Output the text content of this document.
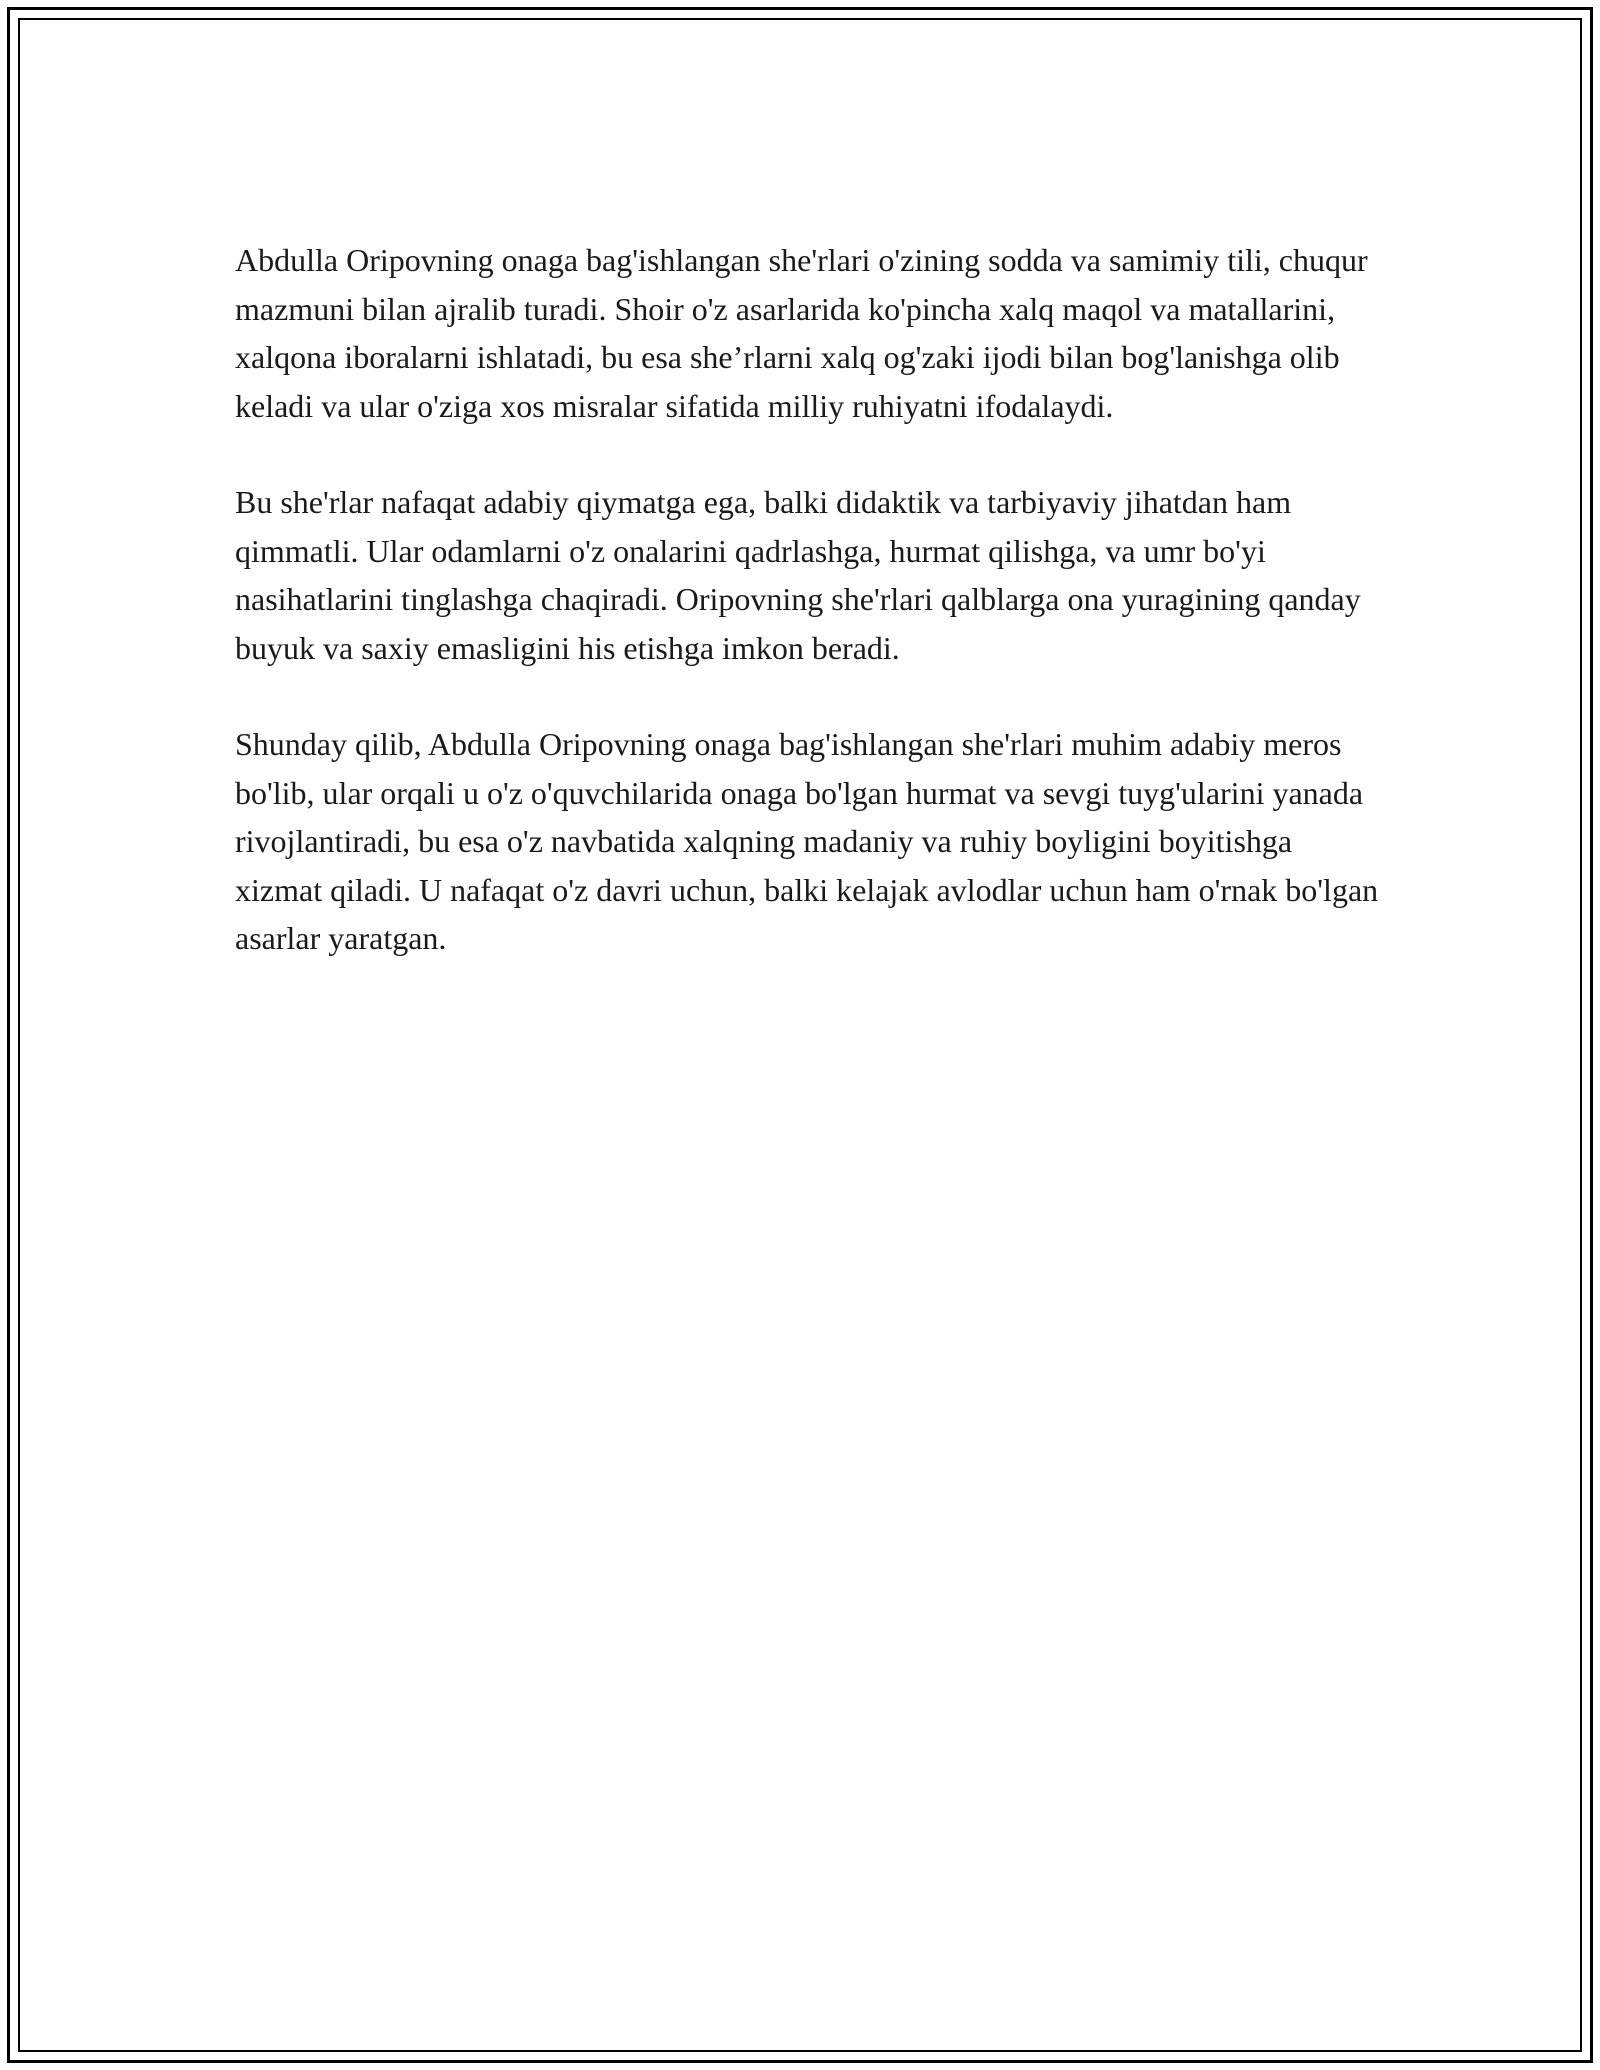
Abdulla Oripovning onaga bag'ishlangan she'rlari o'zining sodda va samimiy tili, chuqur mazmuni bilan ajralib turadi. Shoir o'z asarlarida ko'pincha xalq maqol va matallarini, xalqona iboralarni ishlatadi, bu esa she’rlarni xalq og'zaki ijodi bilan bog'lanishga olib keladi va ular o'ziga xos misralar sifatida milliy ruhiyatni ifodalaydi.

Bu she'rlar nafaqat adabiy qiymatga ega, balki didaktik va tarbiyaviy jihatdan ham qimmatli. Ular odamlarni o'z onalarini qadrlashga, hurmat qilishga, va umr bo'yi nasihatlarini tinglashga chaqiradi. Oripovning she'rlari qalblarga ona yuragining qanday buyuk va saxiy emasligini his etishga imkon beradi.

Shunday qilib, Abdulla Oripovning onaga bag'ishlangan she'rlari muhim adabiy meros bo'lib, ular orqali u o'z o'quvchilarida onaga bo'lgan hurmat va sevgi tuyg'ularini yanada rivojlantiradi, bu esa o'z navbatida xalqning madaniy va ruhiy boyligini boyitishga xizmat qiladi. U nafaqat o'z davri uchun, balki kelajak avlodlar uchun ham o'rnak bo'lgan asarlar yaratgan.
